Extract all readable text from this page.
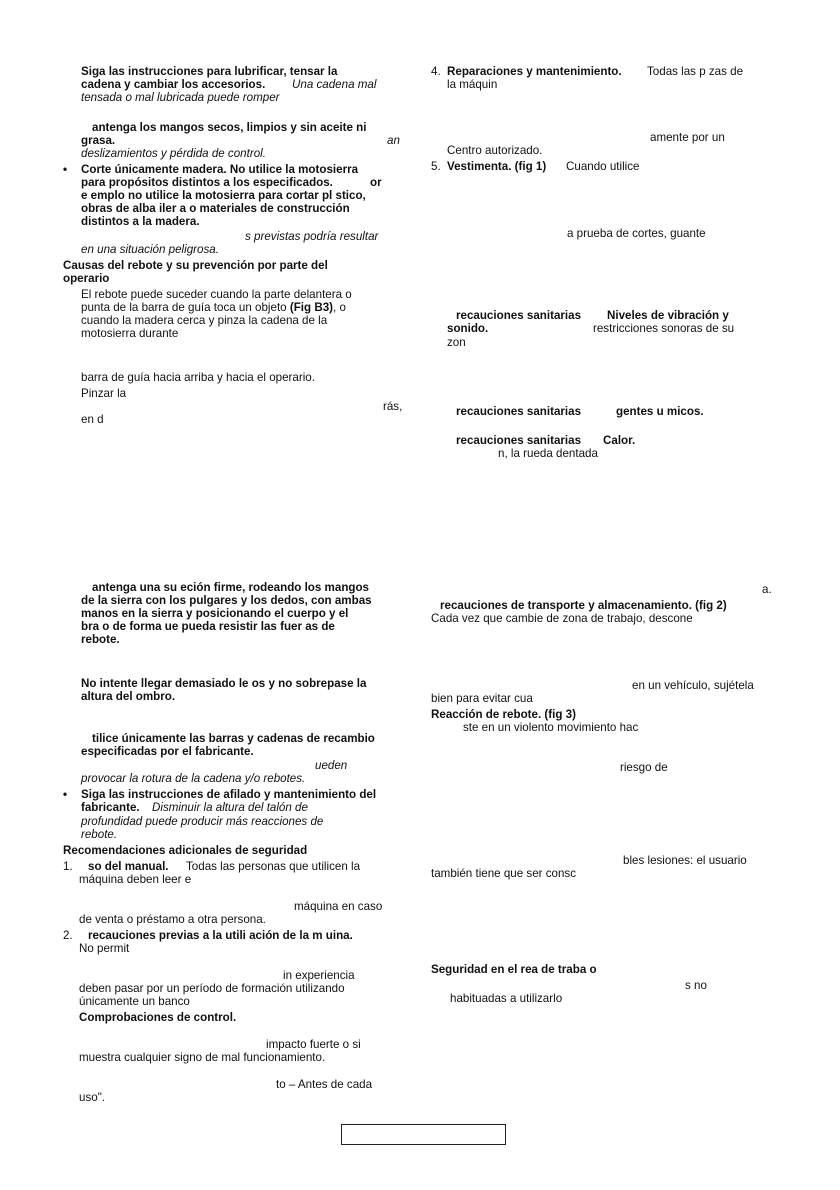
Siga las instrucciones para lubrificar, tensar la
cadena y cambiar los accesorios. Una cadena mal
tensada o mal lubricada puede romper
antenga los mangos secos, limpios y sin aceite ni
grasa.	an
deslizamientos y pérdida de control.
• Corte únicamente madera. No utilice la motosierra
para propósitos distintos a los especificados.	or
e emplo no utilice la motosierra para cortar pl stico,
obras de alba iler a o materiales de construcción
distintos a la madera.
s previstas podría resultar
en una situación peligrosa.
Causas del rebote y su prevención por parte del
operario
El rebote puede suceder cuando la parte delantera o
punta de la barra de guía toca un objeto (Fig B3), o
cuando la madera cerca y pinza la cadena de la
motosierra durante
barra de guía hacia arriba y hacia el operario.
Pinzar la
en d
rás,
antenga una su eción firme, rodeando los mangos
de la sierra con los pulgares y los dedos, con ambas
manos en la sierra y posicionando el cuerpo y el
bra o de forma ue pueda resistir las fuer as de
rebote.
No intente llegar demasiado le os y no sobrepase la
altura del ombro.
tilice únicamente las barras y cadenas de recambio
especificadas por el fabricante.
ueden
provocar la rotura de la cadena y/o rebotes.
• Siga las instrucciones de afilado y mantenimiento del
fabricante. Disminuir la altura del talón de
profundidad puede producir más reacciones de
rebote.
Recomendaciones adicionales de seguridad
1. so del manual. Todas las personas que utilicen la
máquina deben leer e
máquina en caso
de venta o préstamo a otra persona.
2. recauciones previas a la utili ación de la m uina.
No permit
in experiencia
deben pasar por un período de formación utilizando
únicamente un banco
Comprobaciones de control.
impacto fuerte o si
muestra cualquier signo de mal funcionamiento.
to – Antes de cada
uso".
4. Reparaciones y mantenimiento. Todas las p zas de
la máquin
amente por un
Centro autorizado.
5. Vestimenta. (fig 1) Cuando utilice
a prueba de cortes, guante
recauciones sanitarias Niveles de vibración y
sonido.	restricciones sonoras de su
zon
recauciones sanitarias	gentes u micos.
recauciones sanitarias Calor.
n, la rueda dentada
a.
recauciones de transporte y almacenamiento. (fig 2)
Cada vez que cambie de zona de trabajo, descone
en un vehículo, sujétela
bien para evitar cua
Reacción de rebote. (fig 3)
ste en un violento movimiento hac
riesgo de
bles lesiones: el usuario
también tiene que ser consc
Seguridad en el rea de traba o
s no
habituadas a utilizarlo
